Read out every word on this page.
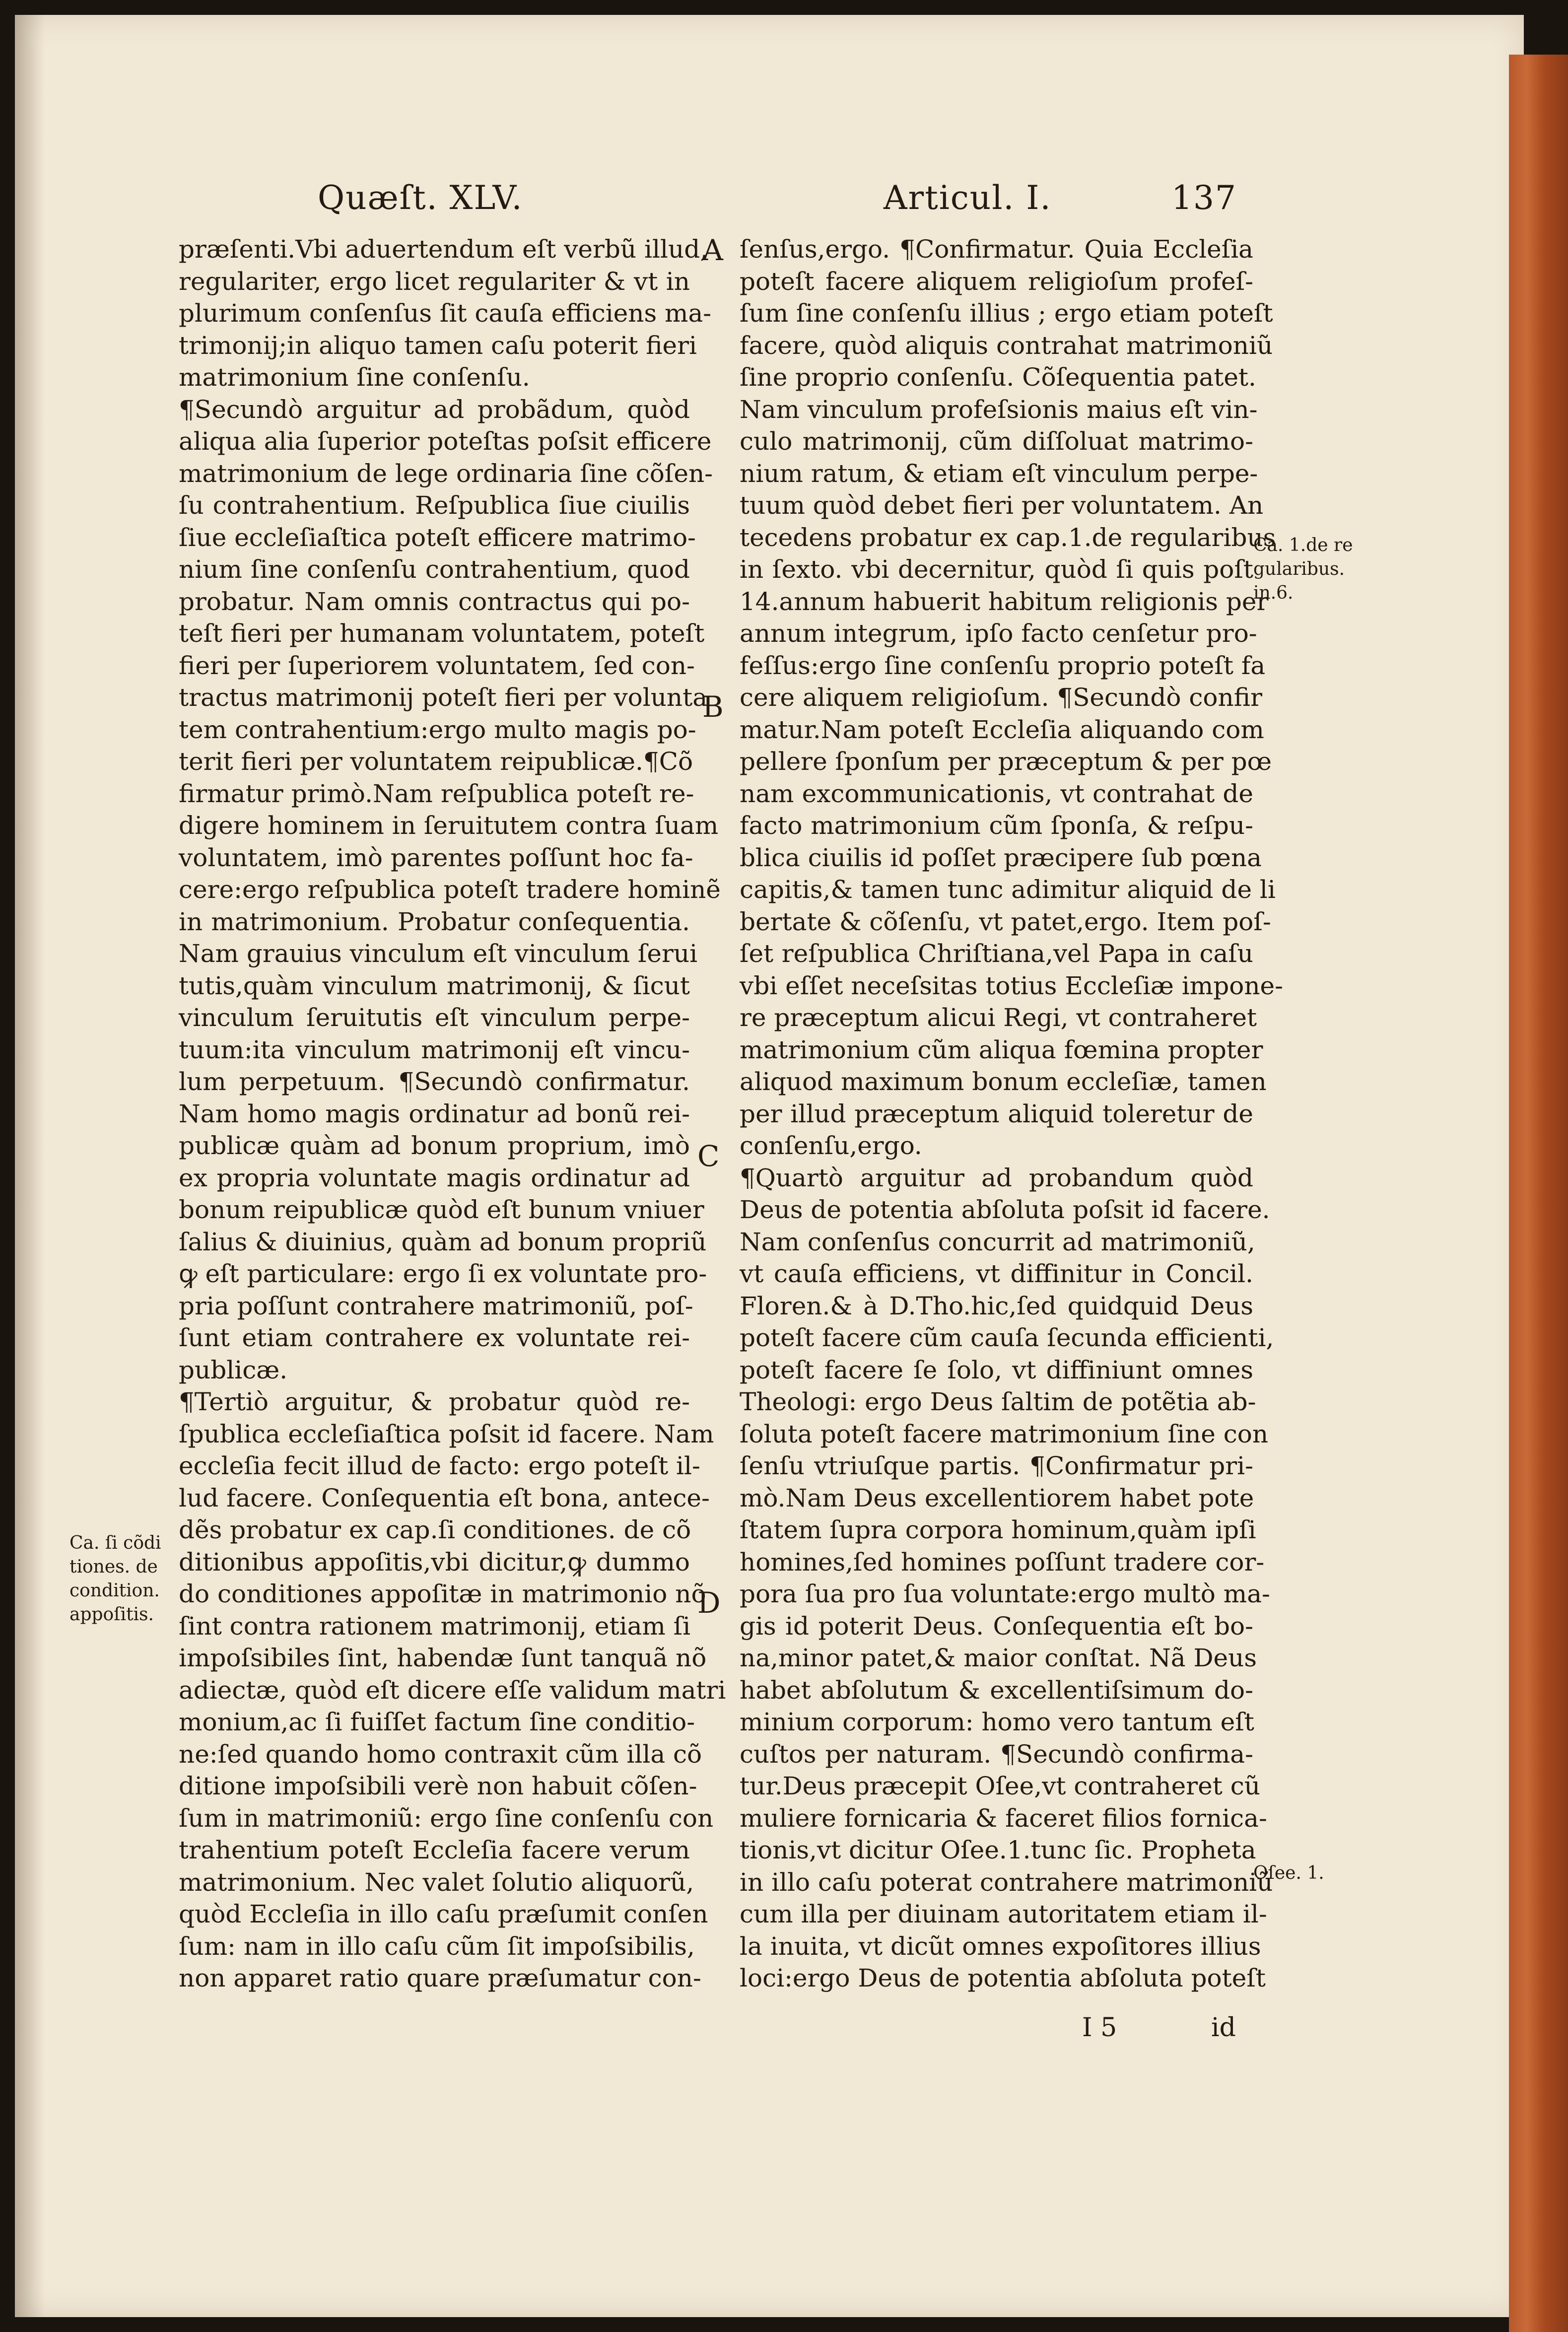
Quæſt. XLV.	Articul. I.	137
præſenti.Vbi aduertendum eſt verbũ illud,
regulariter, ergo licet regulariter & vt in
plurimum conſenſus ſit cauſa efficiens ma-
trimonij;in aliquo tamen caſu poterit fieri
matrimonium ſine conſenſu.
¶Secundò arguitur ad probãdum, quòd
aliqua alia ſuperior poteſtas poſsit efficere
matrimonium de lege ordinaria ſine cõſen-
ſu contrahentium. Reſpublica ſiue ciuilis
ſiue eccleſiaſtica poteſt efficere matrimo-
nium ſine conſenſu contrahentium, quod
probatur. Nam omnis contractus qui po-
teſt fieri per humanam voluntatem, poteſt
fieri per ſuperiorem voluntatem, ſed con-
tractus matrimonij poteſt fieri per volunta
tem contrahentium:ergo multo magis po-
terit fieri per voluntatem reipublicæ.¶Cõ
firmatur primò.Nam reſpublica poteſt re-
digere hominem in ſeruitutem contra ſuam
voluntatem, imò parentes poſſunt hoc fa-
cere:ergo reſpublica poteſt tradere hominẽ
in matrimonium. Probatur conſequentia.
Nam grauius vinculum eſt vinculum ſerui
tutis,quàm vinculum matrimonij, & ſicut
vinculum ſeruitutis eſt vinculum perpe-
tuum:ita vinculum matrimonij eſt vincu-
lum perpetuum. ¶Secundò confirmatur.
Nam homo magis ordinatur ad bonũ rei-
publicæ quàm ad bonum proprium, imò
ex propria voluntate magis ordinatur ad
bonum reipublicæ quòd eſt bunum vniuer
ſalius & diuinius, quàm ad bonum propriũ
ꝙ eſt particulare: ergo ſi ex voluntate pro-
pria poſſunt contrahere matrimoniũ, poſ-
ſunt etiam contrahere ex voluntate rei-
publicæ.
¶Tertiò arguitur, & probatur quòd re-
ſpublica eccleſiaſtica poſsit id facere. Nam
eccleſia fecit illud de facto: ergo poteſt il-
lud facere. Conſequentia eſt bona, antece-
dẽs probatur ex cap.ſi conditiones. de cõ
ditionibus appoſitis,vbi dicitur,ꝙ dummo
do conditiones appoſitæ in matrimonio nõ
ſint contra rationem matrimonij, etiam ſi
impoſsibiles ſint, habendæ ſunt tanquã nõ
adiectæ, quòd eſt dicere eſſe validum matri
monium,ac ſi fuiſſet factum ſine conditio-
ne:ſed quando homo contraxit cũm illa cõ
ditione impoſsibili verè non habuit cõſen-
ſum in matrimoniũ: ergo ſine conſenſu con
trahentium poteſt Eccleſia facere verum
matrimonium. Nec valet ſolutio aliquorũ,
quòd Eccleſia in illo caſu præſumit conſen
ſum: nam in illo caſu cũm ſit impoſsibilis,
non apparet ratio quare præſumatur con-
ſenſus,ergo. ¶Confirmatur. Quia Eccleſia
poteſt facere aliquem religioſum profeſ-
ſum ſine conſenſu illius ; ergo etiam poteſt
facere, quòd aliquis contrahat matrimoniũ
ſine proprio conſenſu. Cõſequentia patet.
Nam vinculum profeſsionis maius eſt vin-
culo matrimonij, cũm diſſoluat matrimo-
nium ratum, & etiam eſt vinculum perpe-
tuum quòd debet fieri per voluntatem. An
tecedens probatur ex cap.1.de regularibus
in ſexto. vbi decernitur, quòd ſi quis poſt
14.annum habuerit habitum religionis per
annum integrum, ipſo facto cenſetur pro-
feſſus:ergo ſine conſenſu proprio poteſt fa
cere aliquem religioſum. ¶Secundò confir
matur.Nam poteſt Eccleſia aliquando com
pellere ſponſum per præceptum & per pœ
nam excommunicationis, vt contrahat de
facto matrimonium cũm ſponſa, & reſpu-
blica ciuilis id poſſet præcipere ſub pœna
capitis,& tamen tunc adimitur aliquid de li
bertate & cõſenſu, vt patet,ergo. Item poſ-
ſet reſpublica Chriſtiana,vel Papa in caſu
vbi eſſet neceſsitas totius Eccleſiæ impone-
re præceptum alicui Regi, vt contraheret
matrimonium cũm aliqua fœmina propter
aliquod maximum bonum eccleſiæ, tamen
per illud præceptum aliquid toleretur de
conſenſu,ergo.
¶Quartò arguitur ad probandum quòd
Deus de potentia abſoluta poſsit id facere.
Nam conſenſus concurrit ad matrimoniũ,
vt cauſa efficiens, vt diffinitur in Concil.
Floren.& à D.Tho.hic,ſed quidquid Deus
poteſt facere cũm cauſa ſecunda efficienti,
poteſt facere ſe ſolo, vt diffiniunt omnes
Theologi: ergo Deus ſaltim de potẽtia ab-
ſoluta poteſt facere matrimonium ſine con
ſenſu vtriuſque partis. ¶Confirmatur pri-
mò.Nam Deus excellentiorem habet pote
ſtatem ſupra corpora hominum,quàm ipſi
homines,ſed homines poſſunt tradere cor-
pora ſua pro ſua voluntate:ergo multò ma-
gis id poterit Deus. Conſequentia eſt bo-
na,minor patet,& maior conſtat. Nã Deus
habet abſolutum & excellentiſsimum do-
minium corporum: homo vero tantum eſt
cuſtos per naturam. ¶Secundò confirma-
tur.Deus præcepit Oſee,vt contraheret cũ
muliere fornicaria & faceret filios fornica-
tionis,vt dicitur Oſee.1.tunc ſic. Propheta
in illo caſu poterat contrahere matrimoniũ
cum illa per diuinam autoritatem etiam il-
la inuita, vt dicũt omnes expoſitores illius
loci:ergo Deus de potentia abſoluta poteſt
A
B
C
D
Ca. ſi cõdi tiones. de condition. appoſitis.
Ca. 1.de re gularibus. in.6.
Oſee. 1.
I 5	id
